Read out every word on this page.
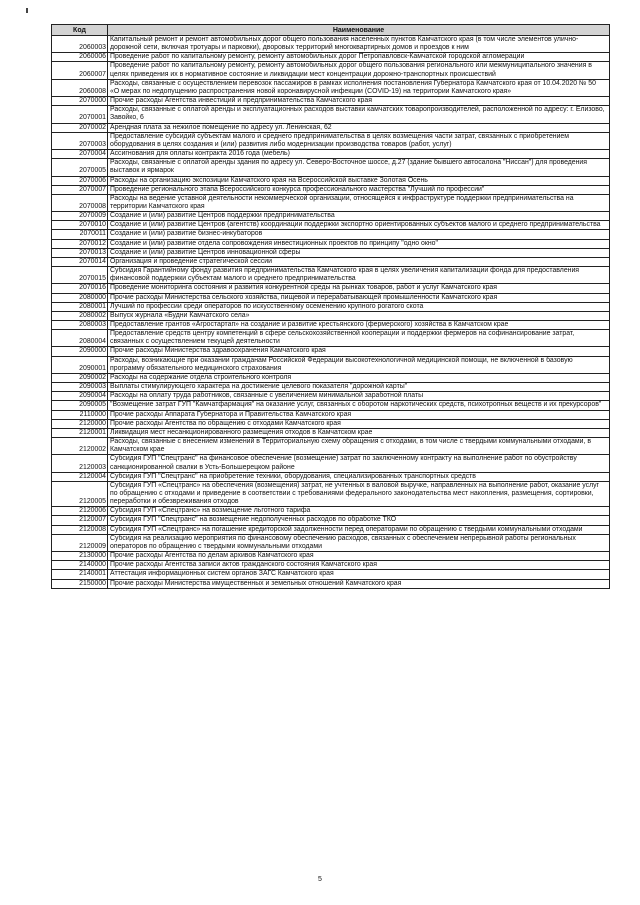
Код	Наименование
2060003	Капитальный ремонт и ремонт автомобильных дорог общего пользования населенных пунктов Камчатского края (в том числе элементов улично-дорожной сети, включая тротуары и парковки), дворовых территорий многоквартирных домов и проездов к ним
2060006	Проведение работ по капитальному ремонту, ремонту автомобильных дорог Петропавловск-Камчатской городской агломерации
2060007	Проведение работ по капитальному ремонту, ремонту автомобильных дорог общего пользования регионального или межмуниципального значения в целях приведения их в нормативное состояние и ликвидации мест концентрации дорожно-транспортных происшествий
2060008	Расходы, связанные с осуществлением перевозок пассажиров в рамках исполнения постановления Губернатора Камчатского края от 10.04.2020 № 50 «О мерах по недопущению распространения новой коронавирусной инфекции (COVID-19) на территории Камчатского края»
2070000	Прочие расходы Агентства инвестиций и предпринимательства Камчатского края
2070001	Расходы, связанные с оплатой аренды и эксплуатационных расходов выставки камчатских товаропроизводителей, расположенной по адресу: г. Елизово, Завойко, 6
2070002	Арендная плата за нежилое помещение по адресу ул. Ленинская, 62
2070003	Предоставление субсидий субъектам малого и среднего предпринимательства в целях возмещения части затрат, связанных с приобретением оборудования в целях создания и (или) развития либо модернизации производства товаров (работ, услуг)
2070004	Ассигнования для оплаты контракта 2016 года (мебель)
2070005	Расходы, связанные с оплатой аренды здания по адресу ул. Северо-Восточное шоссе, д.27 (здание бывшего автосалона "Ниссан") для проведения выставок и ярмарок
2070006	Расходы на организацию экспозиции Камчатского края на Всероссийской выставке Золотая Осень
2070007	Проведение регионального этапа Всероссийского конкурса профессионального мастерства "Лучший по профессии"
2070008	Расходы на ведение уставной деятельности некоммерческой организации, относящейся к инфраструктуре поддержки предпринимательства на территории Камчатского края
2070009	Создание и (или) развитие Центров поддержки предпринимательства
2070010	Создание и (или) развитие Центров (агентств) координации поддержки экспортно ориентированных субъектов малого и среднего предпринимательства
2070011	Создание и (или) развитие бизнес-инкубаторов
2070012	Создание и (или) развитие отдела сопровождения инвестиционных проектов по принципу "одно окно"
2070013	Создание и (или) развитие Центров инновационной сферы
2070014	Организация и проведение стратегической сессии
2070015	Субсидия Гарантийному фонду развития предпринимательства Камчатского края в целях увеличения капитализации фонда для предоставления финансовой поддержки субъектам малого и среднего предпринимательства
2070016	Проведение мониторинга состояния и развития конкурентной среды на рынках товаров, работ и услуг Камчатского края
2080000	Прочие расходы Министерства сельского хозяйства, пищевой и перерабатывающей промышленности Камчатского края
2080001	Лучший по профессии среди операторов по искусственному осеменению крупного рогатого скота
2080002	Выпуск журнала «Будни Камчатского села»
2080003	Предоставление грантов «Агростартап» на создание и развитие крестьянского (фермерского) хозяйства в Камчатском крае
2080004	Предоставление средств центру компетенций в сфере сельскохозяйственной кооперации и поддержки фермеров на софинансирование затрат, связанных с осуществлением текущей деятельности
2090000	Прочие расходы Министерства здравоохранения Камчатского края
2090001	Расходы, возникающие при оказании гражданам Российской Федерации высокотехнологичной медицинской помощи, не включенной в базовую программу обязательного медицинского страхования
2090002	Расходы на содержание отдела строительного контроля
2090003	Выплаты стимулирующего характера на достижение целевого показателя "дорожной карты"
2090004	Расходы на оплату труда работников, связанные с увеличением минимальной заработной платы
2090005	"Возмещение затрат ГУП "Камчатфармация" на оказание услуг, связанных с оборотом наркотических средств, психотропных веществ и их прекурсоров"
2110000	Прочие расходы Аппарата Губернатора и Правительства Камчатского края
2120000	Прочие расходы Агентства по обращению с отходами Камчатского края
2120001	Ликвидация мест несанкционированного размещения отходов в Камчатском крае
2120002	Расходы, связанные с внесением изменений в Территориальную схему обращения с отходами, в том числе с твердыми коммунальными отходами, в Камчатском крае
2120003	Субсидия ГУП "Спецтранс" на финансовое обеспечение (возмещение) затрат по заключенному контракту на выполнение работ по обустройству санкционированной свалки в Усть-Большерецком районе
2120004	Субсидия ГУП "Спецтранс" на приобретение техники, оборудования, специализированных транспортных средств
2120005	Субсидия ГУП «Спецтранс» на обеспечения (возмещения) затрат, не учтенных в валовой выручке, направленных на выполнение работ, оказание услуг по обращению с отходами и приведение в соответствии с требованиями федерального законодательства мест накопления, размещения, сортировки, переработки и обезвреживания отходов
2120006	Субсидия ГУП «Спецтранс» на возмещение льготного тарифа
2120007	Субсидия ГУП "Спецтранс" на возмещение недополученных расходов по обработке ТКО
2120008	Субсидия ГУП «Спецтранс» на погашение кредиторской задолженности перед операторами по обращению с твердыми коммунальными отходами
2120009	Субсидия на реализацию мероприятия по финансовому обеспечению расходов, связанных с обеспечением непрерывной работы региональных операторов по обращению с твердыми коммунальными отходами
2130000	Прочие расходы Агентства по делам архивов Камчатского края
2140000	Прочие расходы Агентства записи актов гражданского состояния Камчатского края
2140001	Аттестация информационных систем органов ЗАГС Камчатского края
2150000	Прочие расходы Министерства имущественных и земельных отношений Камчатского края
5
